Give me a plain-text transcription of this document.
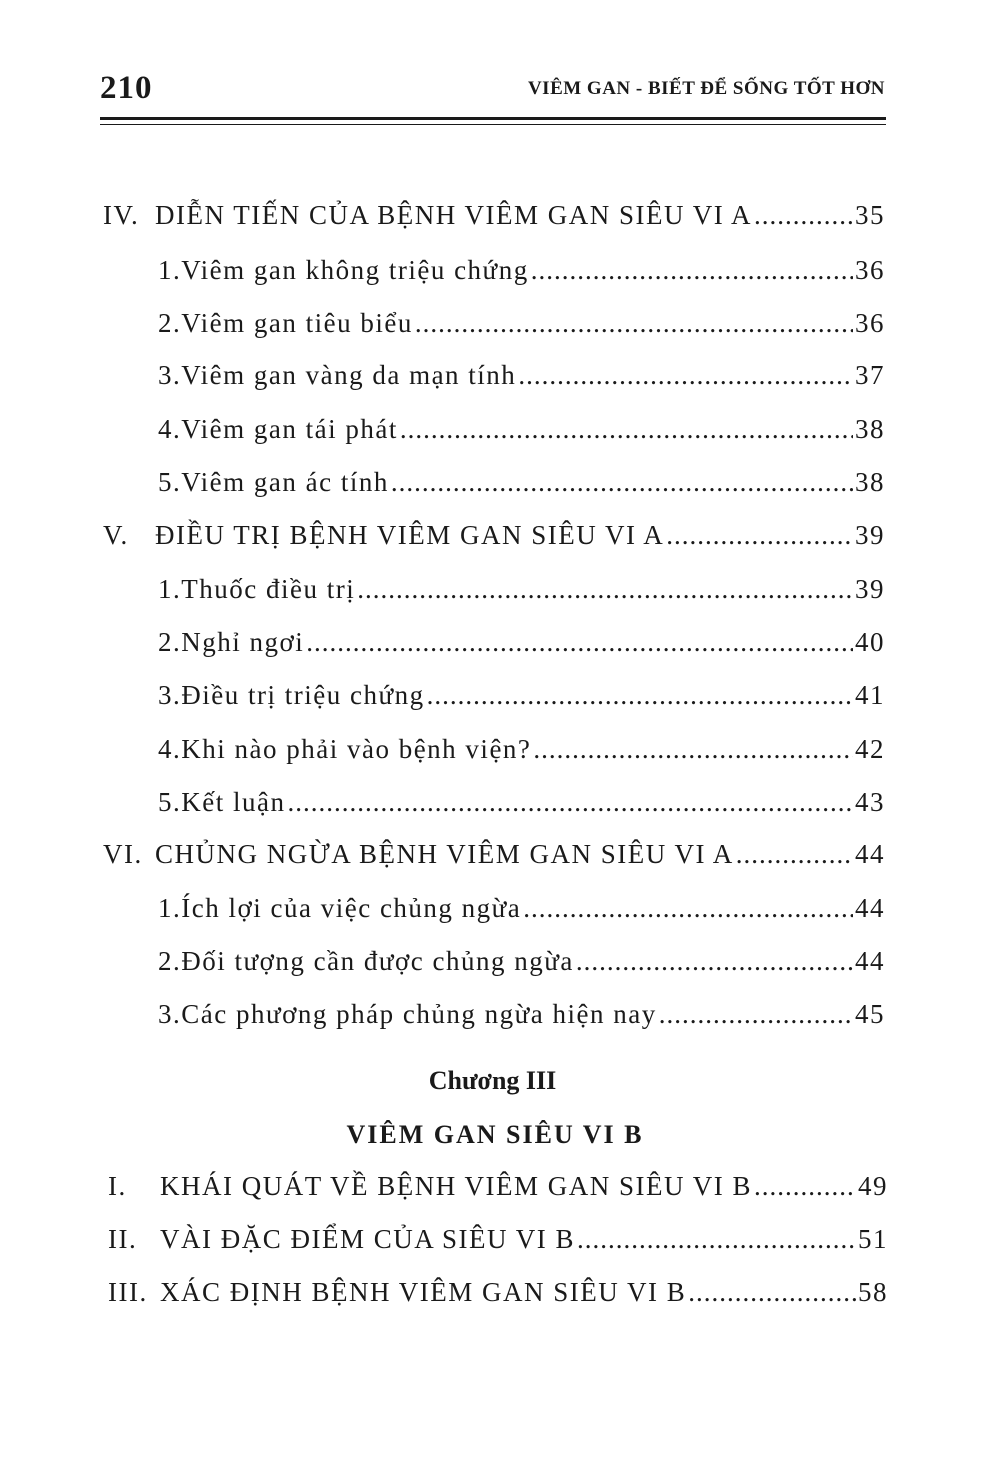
210	VIÊM GAN - BIẾT ĐỂ SỐNG TỐT HƠN
IV. DIỄN TIẾN CỦA BỆNH VIÊM GAN SIÊU VI A .....	35
1.Viêm gan không triệu chứng .....	36
2.Viêm gan tiêu biểu .....	36
3.Viêm gan vàng da mạn tính .....	37
4.Viêm gan tái phát .....	38
5.Viêm gan ác tính .....	38
V. ĐIỀU TRỊ BỆNH VIÊM GAN SIÊU VI A .....	39
1.Thuốc điều trị .....	39
2.Nghỉ ngơi .....	40
3.Điều trị triệu chứng .....	41
4.Khi nào phải vào bệnh viện? .....	42
5.Kết luận .....	43
VI. CHỦNG NGỪA BỆNH VIÊM GAN SIÊU VI A .....	44
1.Ích lợi của việc chủng ngừa .....	44
2.Đối tượng cần được chủng ngừa .....	44
3.Các phương pháp chủng ngừa hiện nay .....	45
Chương III
VIÊM GAN SIÊU VI B
I.	KHÁI QUÁT VỀ BỆNH VIÊM GAN SIÊU VI B .....	49
II. VÀI ĐẶC ĐIỂM CỦA SIÊU VI B .....	51
III. XÁC ĐỊNH BỆNH VIÊM GAN SIÊU VI B .....	58
